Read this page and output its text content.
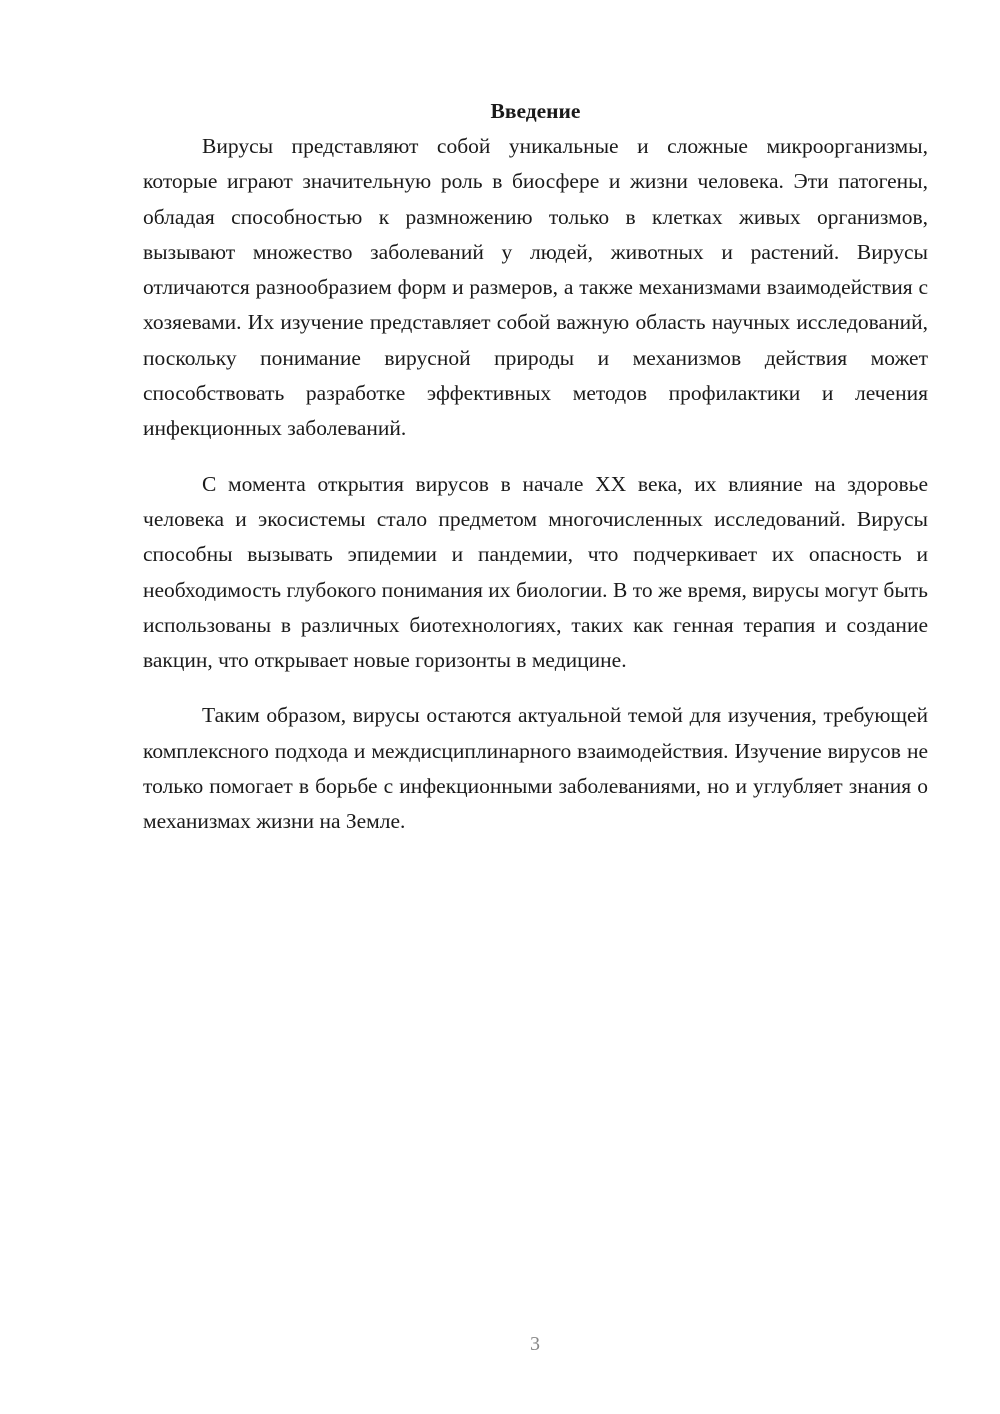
Введение

Вирусы представляют собой уникальные и сложные микроорганизмы, которые играют значительную роль в биосфере и жизни человека. Эти патогены, обладая способностью к размножению только в клетках живых организмов, вызывают множество заболеваний у людей, животных и растений. Вирусы отличаются разнообразием форм и размеров, а также механизмами взаимодействия с хозяевами. Их изучение представляет собой важную область научных исследований, поскольку понимание вирусной природы и механизмов действия может способствовать разработке эффективных методов профилактики и лечения инфекционных заболеваний.

С момента открытия вирусов в начале XX века, их влияние на здоровье человека и экосистемы стало предметом многочисленных исследований. Вирусы способны вызывать эпидемии и пандемии, что подчеркивает их опасность и необходимость глубокого понимания их биологии. В то же время, вирусы могут быть использованы в различных биотехнологиях, таких как генная терапия и создание вакцин, что открывает новые горизонты в медицине.

Таким образом, вирусы остаются актуальной темой для изучения, требующей комплексного подхода и междисциплинарного взаимодействия. Изучение вирусов не только помогает в борьбе с инфекционными заболеваниями, но и углубляет знания о механизмах жизни на Земле.

3
